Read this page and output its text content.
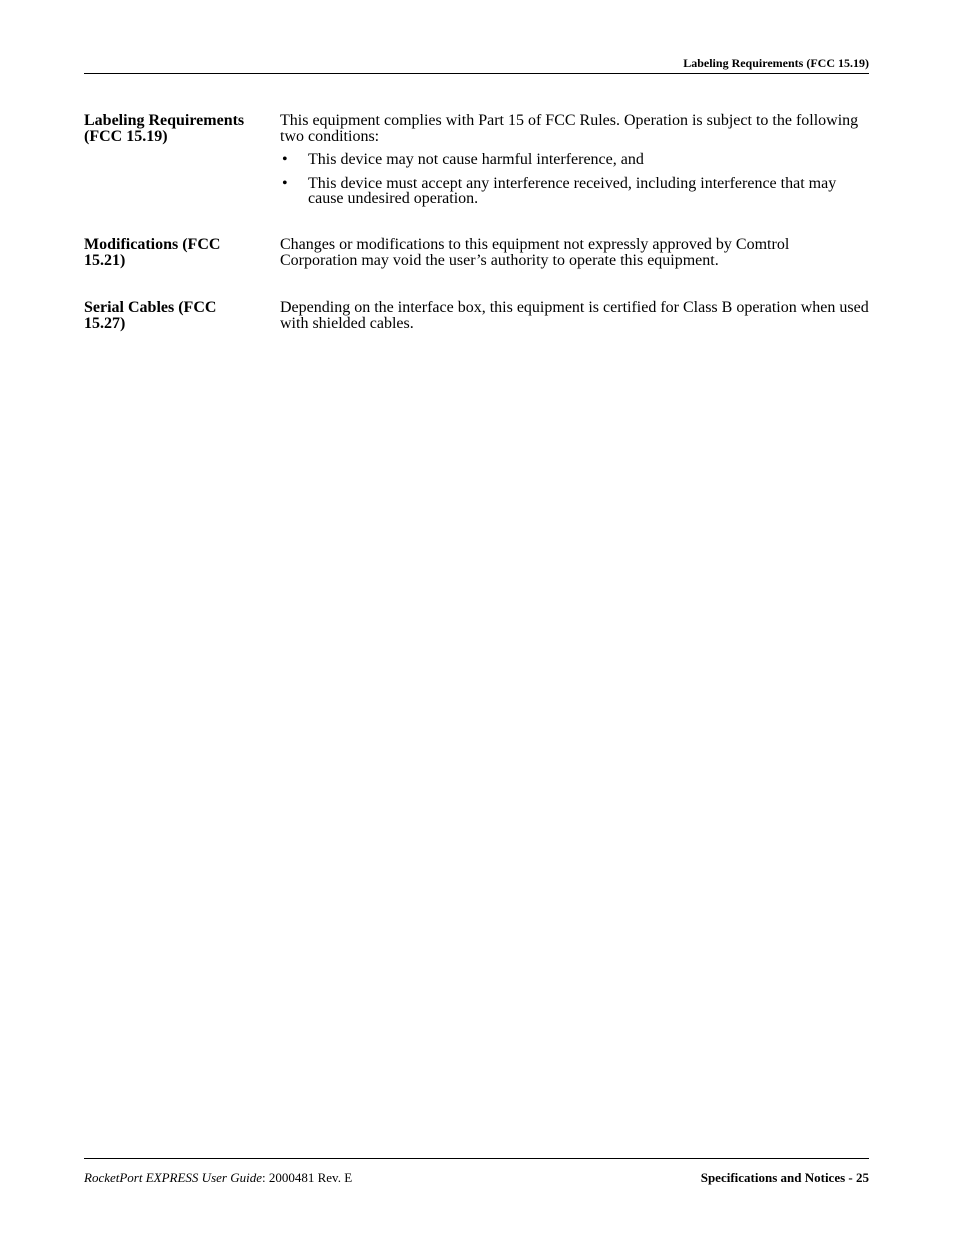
Labeling Requirements (FCC 15.19)
Labeling Requirements (FCC 15.19)

This equipment complies with Part 15 of FCC Rules. Operation is subject to the following two conditions:

• This device may not cause harmful interference, and
• This device must accept any interference received, including interference that may cause undesired operation.
Modifications (FCC 15.21)

Changes or modifications to this equipment not expressly approved by Comtrol Corporation may void the user’s authority to operate this equipment.

Serial Cables (FCC 15.27)

Depending on the interface box, this equipment is certified for Class B operation when used with shielded cables.

RocketPort EXPRESS User Guide: 2000481 Rev. E	Specifications and Notices - 25
